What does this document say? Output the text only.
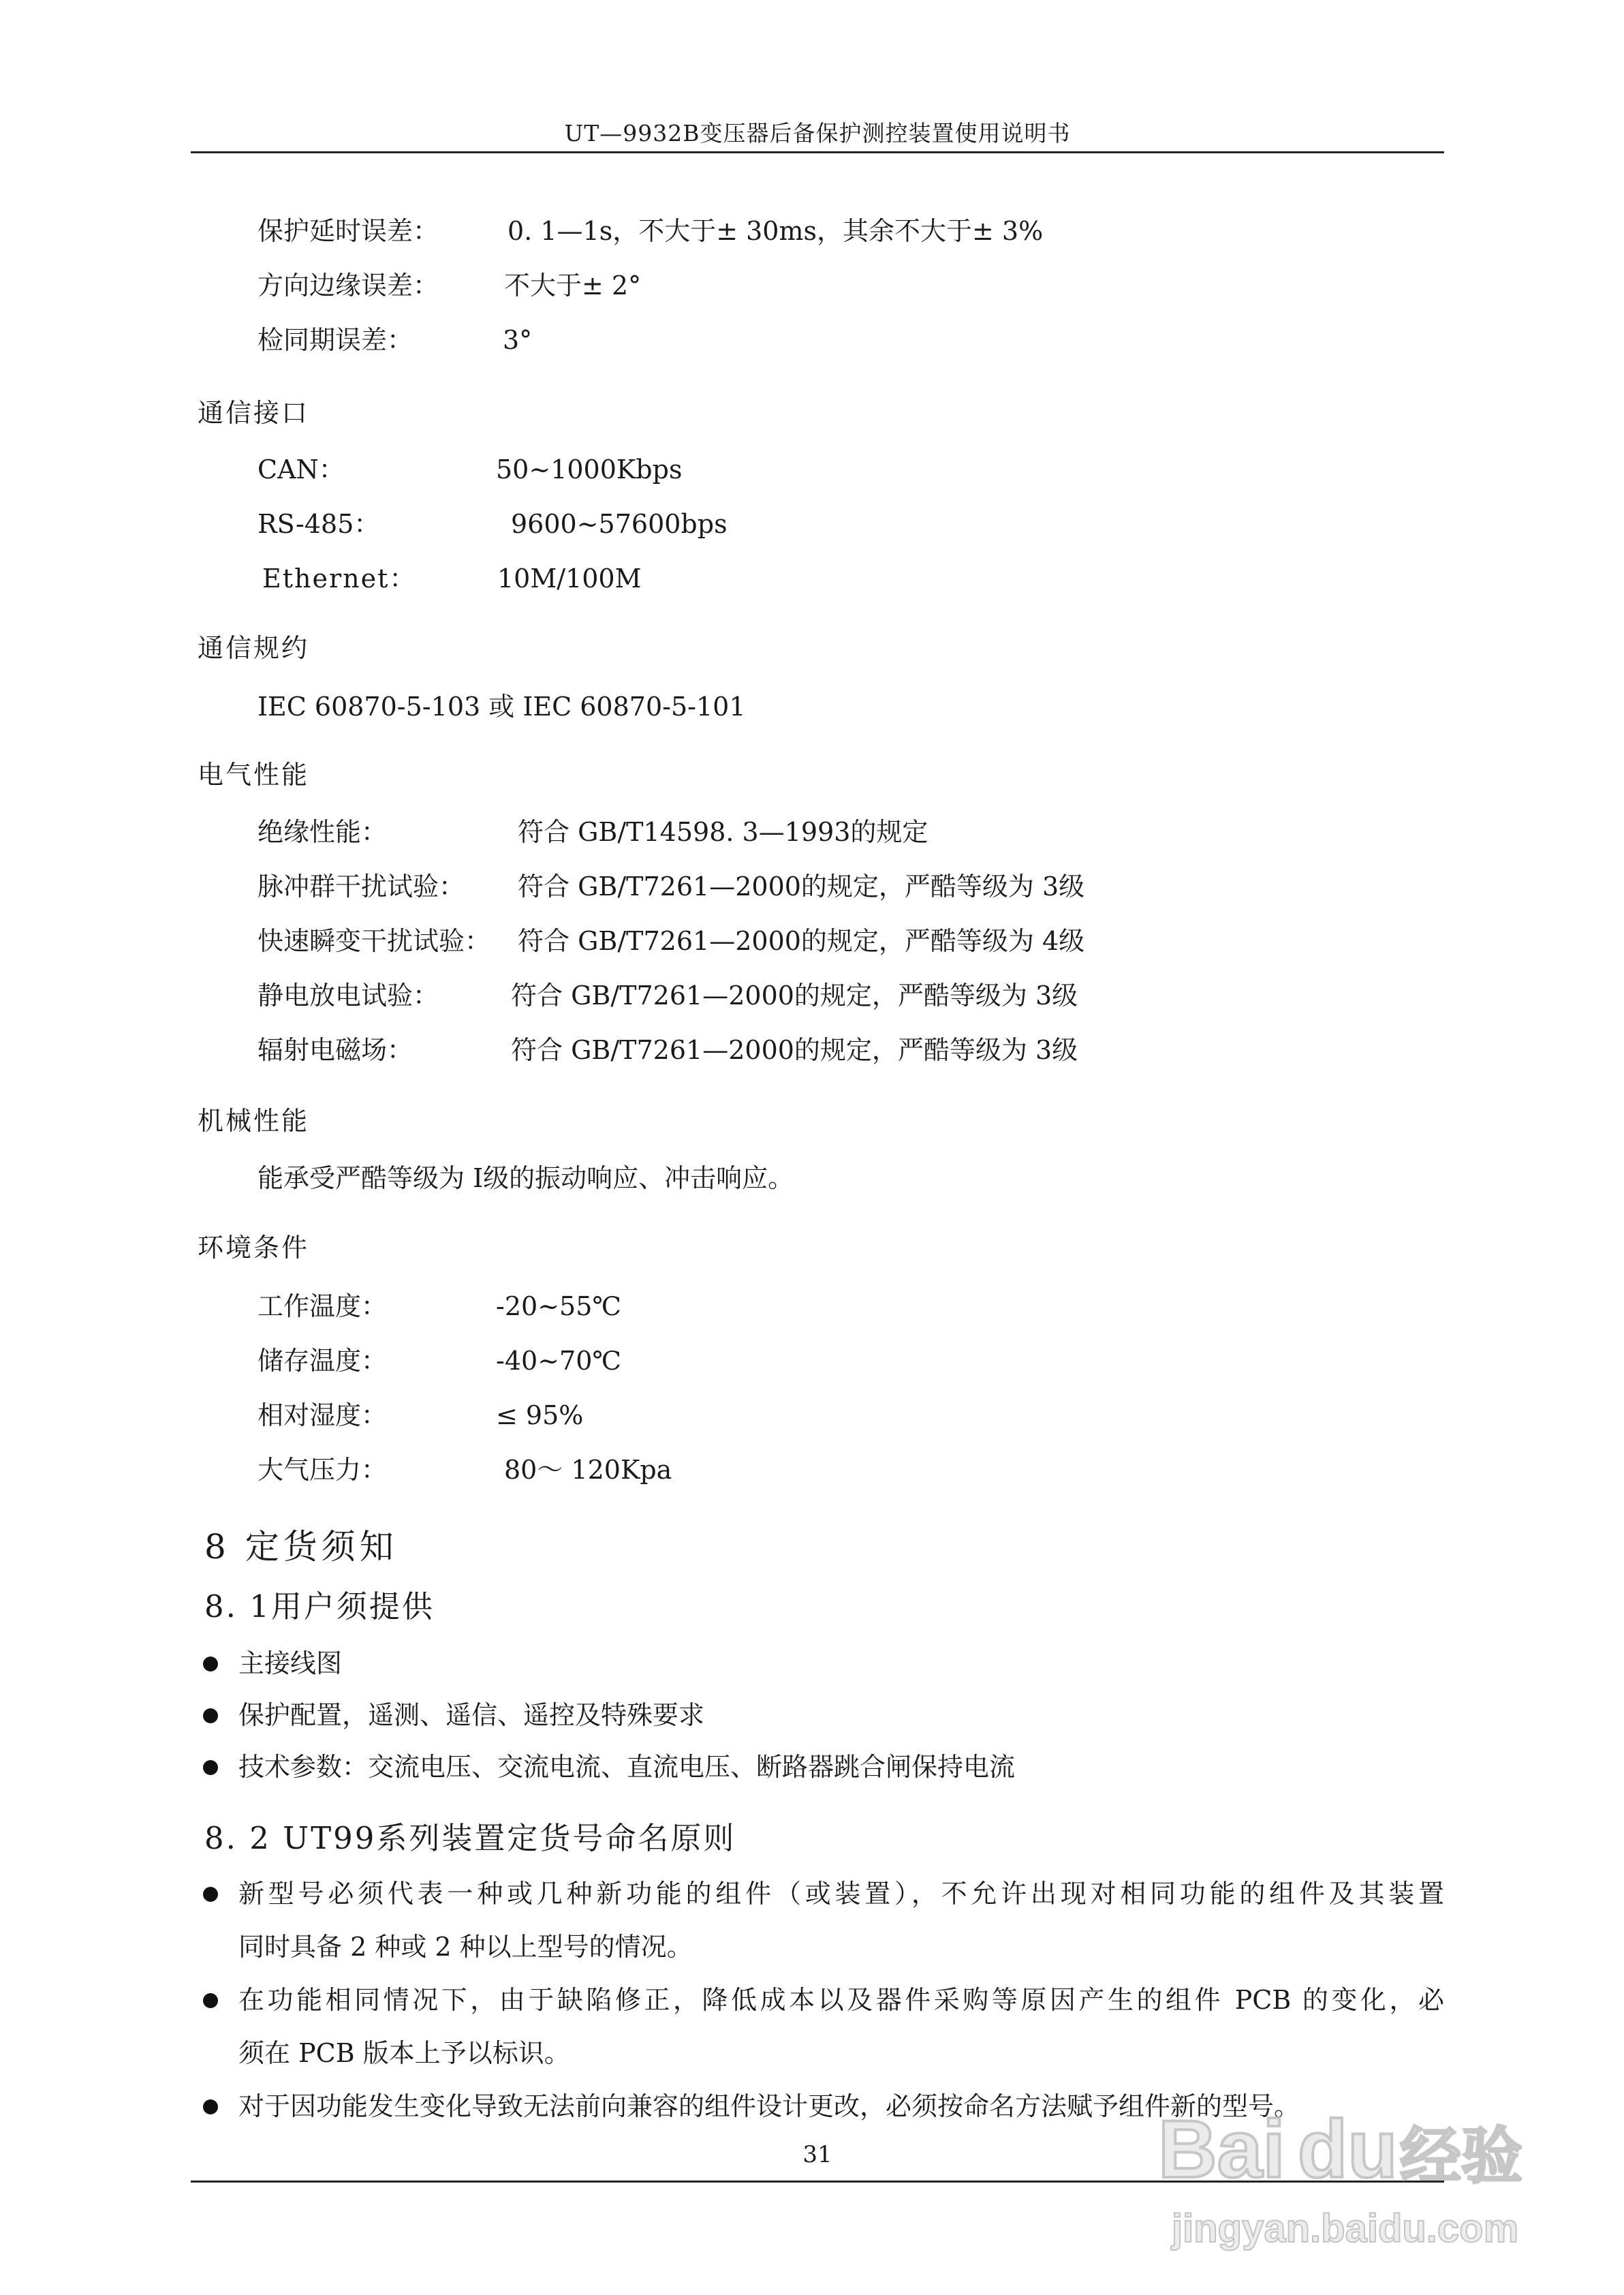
UT—9932B变压器后备保护测控装置使用说明书
保护延时误差：	0. 1—1s，不大于± 30ms，其余不大于± 3%
方向边缘误差：	不大于± 2°
检同期误差：	3°
通信接口
CAN：	50~1000Kbps
RS-485：	9600~57600bps
Ethernet：	10M/100M
通信规约
IEC 60870-5-103 或 IEC 60870-5-101
电气性能
绝缘性能：	符合 GB/T14598. 3—1993的规定
脉冲群干扰试验： 符合 GB/T7261—2000的规定，严酷等级为 3级
快速瞬变干扰试验： 符合 GB/T7261—2000的规定，严酷等级为 4级
静电放电试验：	符合 GB/T7261—2000的规定，严酷等级为 3级
辐射电磁场：	符合 GB/T7261—2000的规定，严酷等级为 3级
机械性能
能承受严酷等级为 I级的振动响应、冲击响应。
环境条件
工作温度：	-20~55℃
储存温度：	-40~70℃
相对湿度：	≤ 95%
大气压力：	80～ 120Kpa
8 定货须知
8. 1用户须提供
主接线图
保护配置，遥测、遥信、遥控及特殊要求
技术参数：交流电压、交流电流、直流电压、断路器跳合闸保持电流
8. 2 UT99系列装置定货号命名原则
新型号必须代表一种或几种新功能的组件（或装置），不允许出现对相同功能的组件及其装置
同时具备 2 种或 2 种以上型号的情况。
在功能相同情况下，由于缺陷修正，降低成本以及器件采购等原因产生的组件 PCB 的变化，必
须在 PCB 版本上予以标识。
对于因功能发生变化导致无法前向兼容的组件设计更改，必须按命名方法赋予组件新的型号。
31	Bai du 经验
jingyan.baidu.com
